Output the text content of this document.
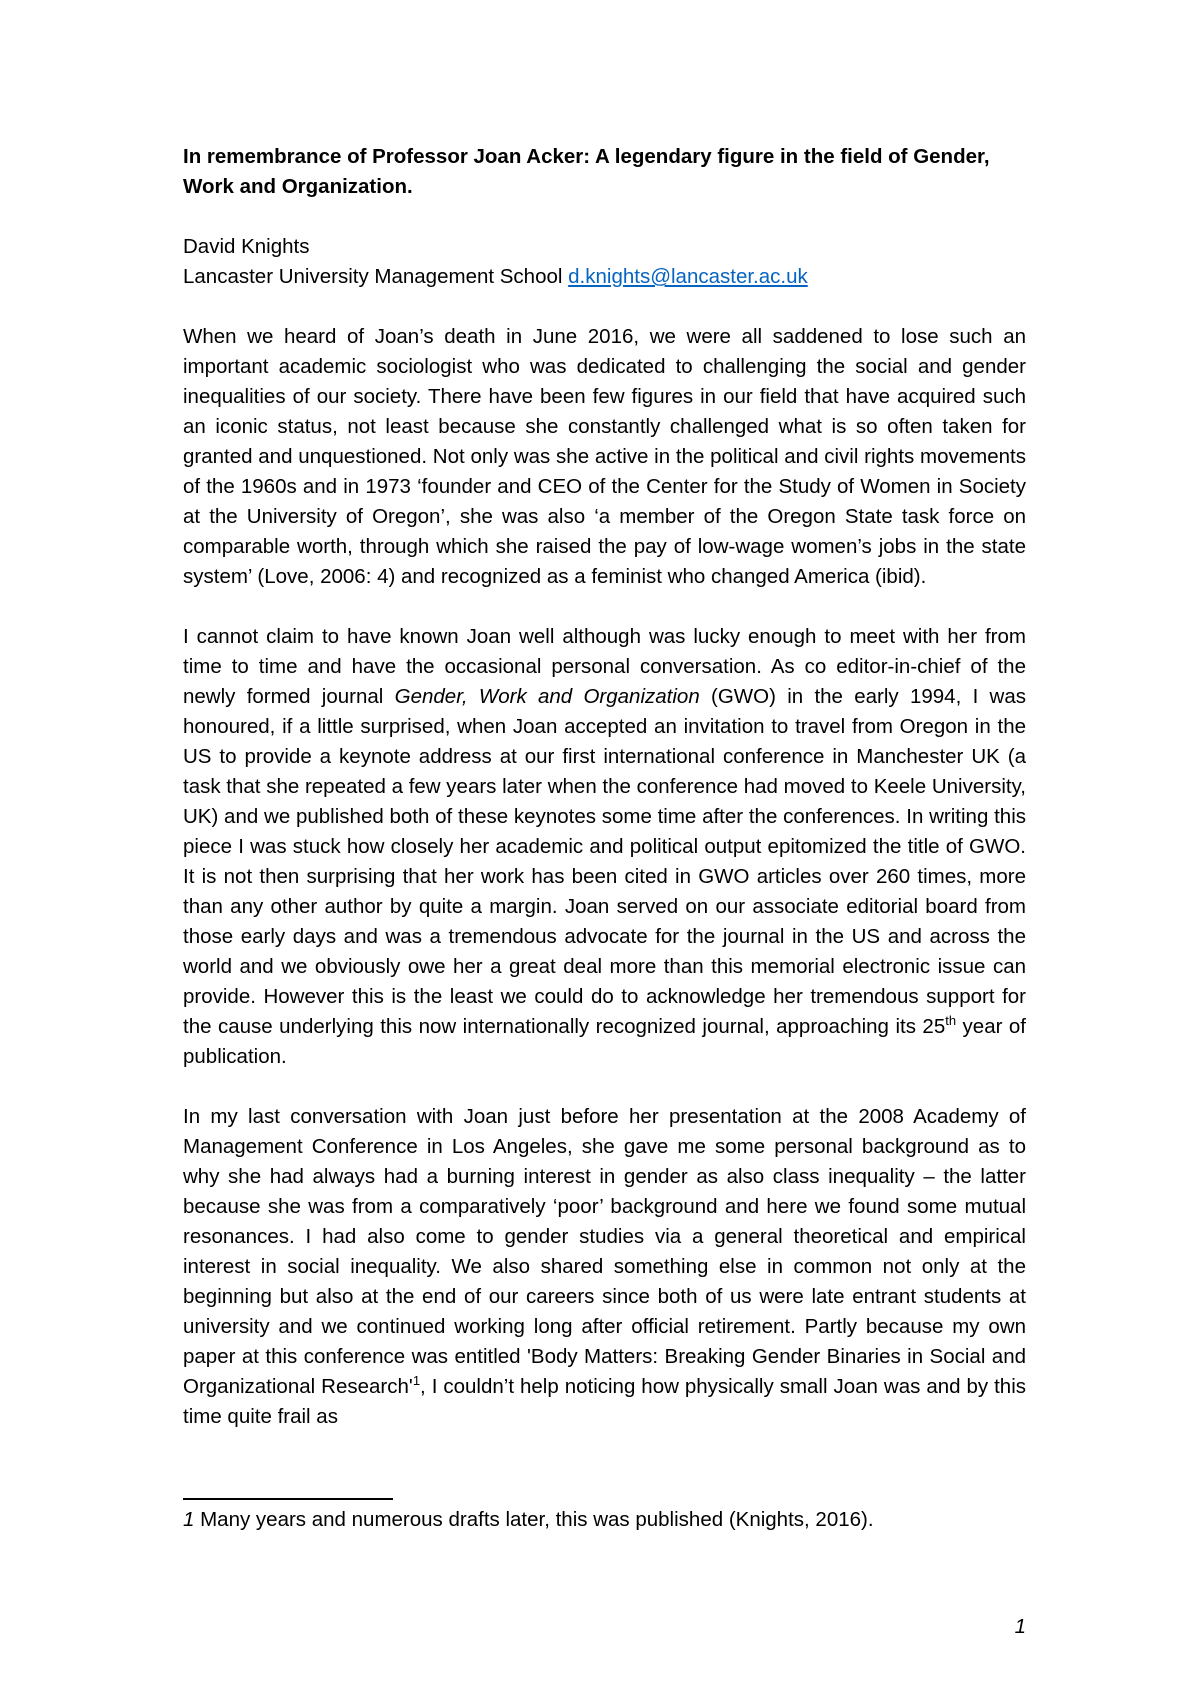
In remembrance of Professor Joan Acker: A legendary figure in the field of Gender, Work and Organization.
David Knights
Lancaster University Management School d.knights@lancaster.ac.uk

When we heard of Joan’s death in June 2016, we were all saddened to lose such an important academic sociologist who was dedicated to challenging the social and gender inequalities of our society. There have been few figures in our field that have acquired such an iconic status, not least because she constantly challenged what is so often taken for granted and unquestioned. Not only was she active in the political and civil rights movements of the 1960s and in 1973 ‘founder and CEO of the Center for the Study of Women in Society at the University of Oregon’, she was also ‘a member of the Oregon State task force on comparable worth, through which she raised the pay of low-wage women’s jobs in the state system’ (Love, 2006: 4) and recognized as a feminist who changed America (ibid).

I cannot claim to have known Joan well although was lucky enough to meet with her from time to time and have the occasional personal conversation. As co editor-in-chief of the newly formed journal Gender, Work and Organization (GWO) in the early 1994, I was honoured, if a little surprised, when Joan accepted an invitation to travel from Oregon in the US to provide a keynote address at our first international conference in Manchester UK (a task that she repeated a few years later when the conference had moved to Keele University, UK) and we published both of these keynotes some time after the conferences. In writing this piece I was stuck how closely her academic and political output epitomized the title of GWO. It is not then surprising that her work has been cited in GWO articles over 260 times, more than any other author by quite a margin. Joan served on our associate editorial board from those early days and was a tremendous advocate for the journal in the US and across the world and we obviously owe her a great deal more than this memorial electronic issue can provide. However this is the least we could do to acknowledge her tremendous support for the cause underlying this now internationally recognized journal, approaching its 25th year of publication.

In my last conversation with Joan just before her presentation at the 2008 Academy of Management Conference in Los Angeles, she gave me some personal background as to why she had always had a burning interest in gender as also class inequality – the latter because she was from a comparatively ‘poor’ background and here we found some mutual resonances. I had also come to gender studies via a general theoretical and empirical interest in social inequality. We also shared something else in common not only at the beginning but also at the end of our careers since both of us were late entrant students at university and we continued working long after official retirement. Partly because my own paper at this conference was entitled 'Body Matters: Breaking Gender Binaries in Social and Organizational $Research'^1$, I couldn’t help noticing how physically small Joan was and by this time quite frail as

1 Many years and numerous drafts later, this was published (Knights, 2016).
1
